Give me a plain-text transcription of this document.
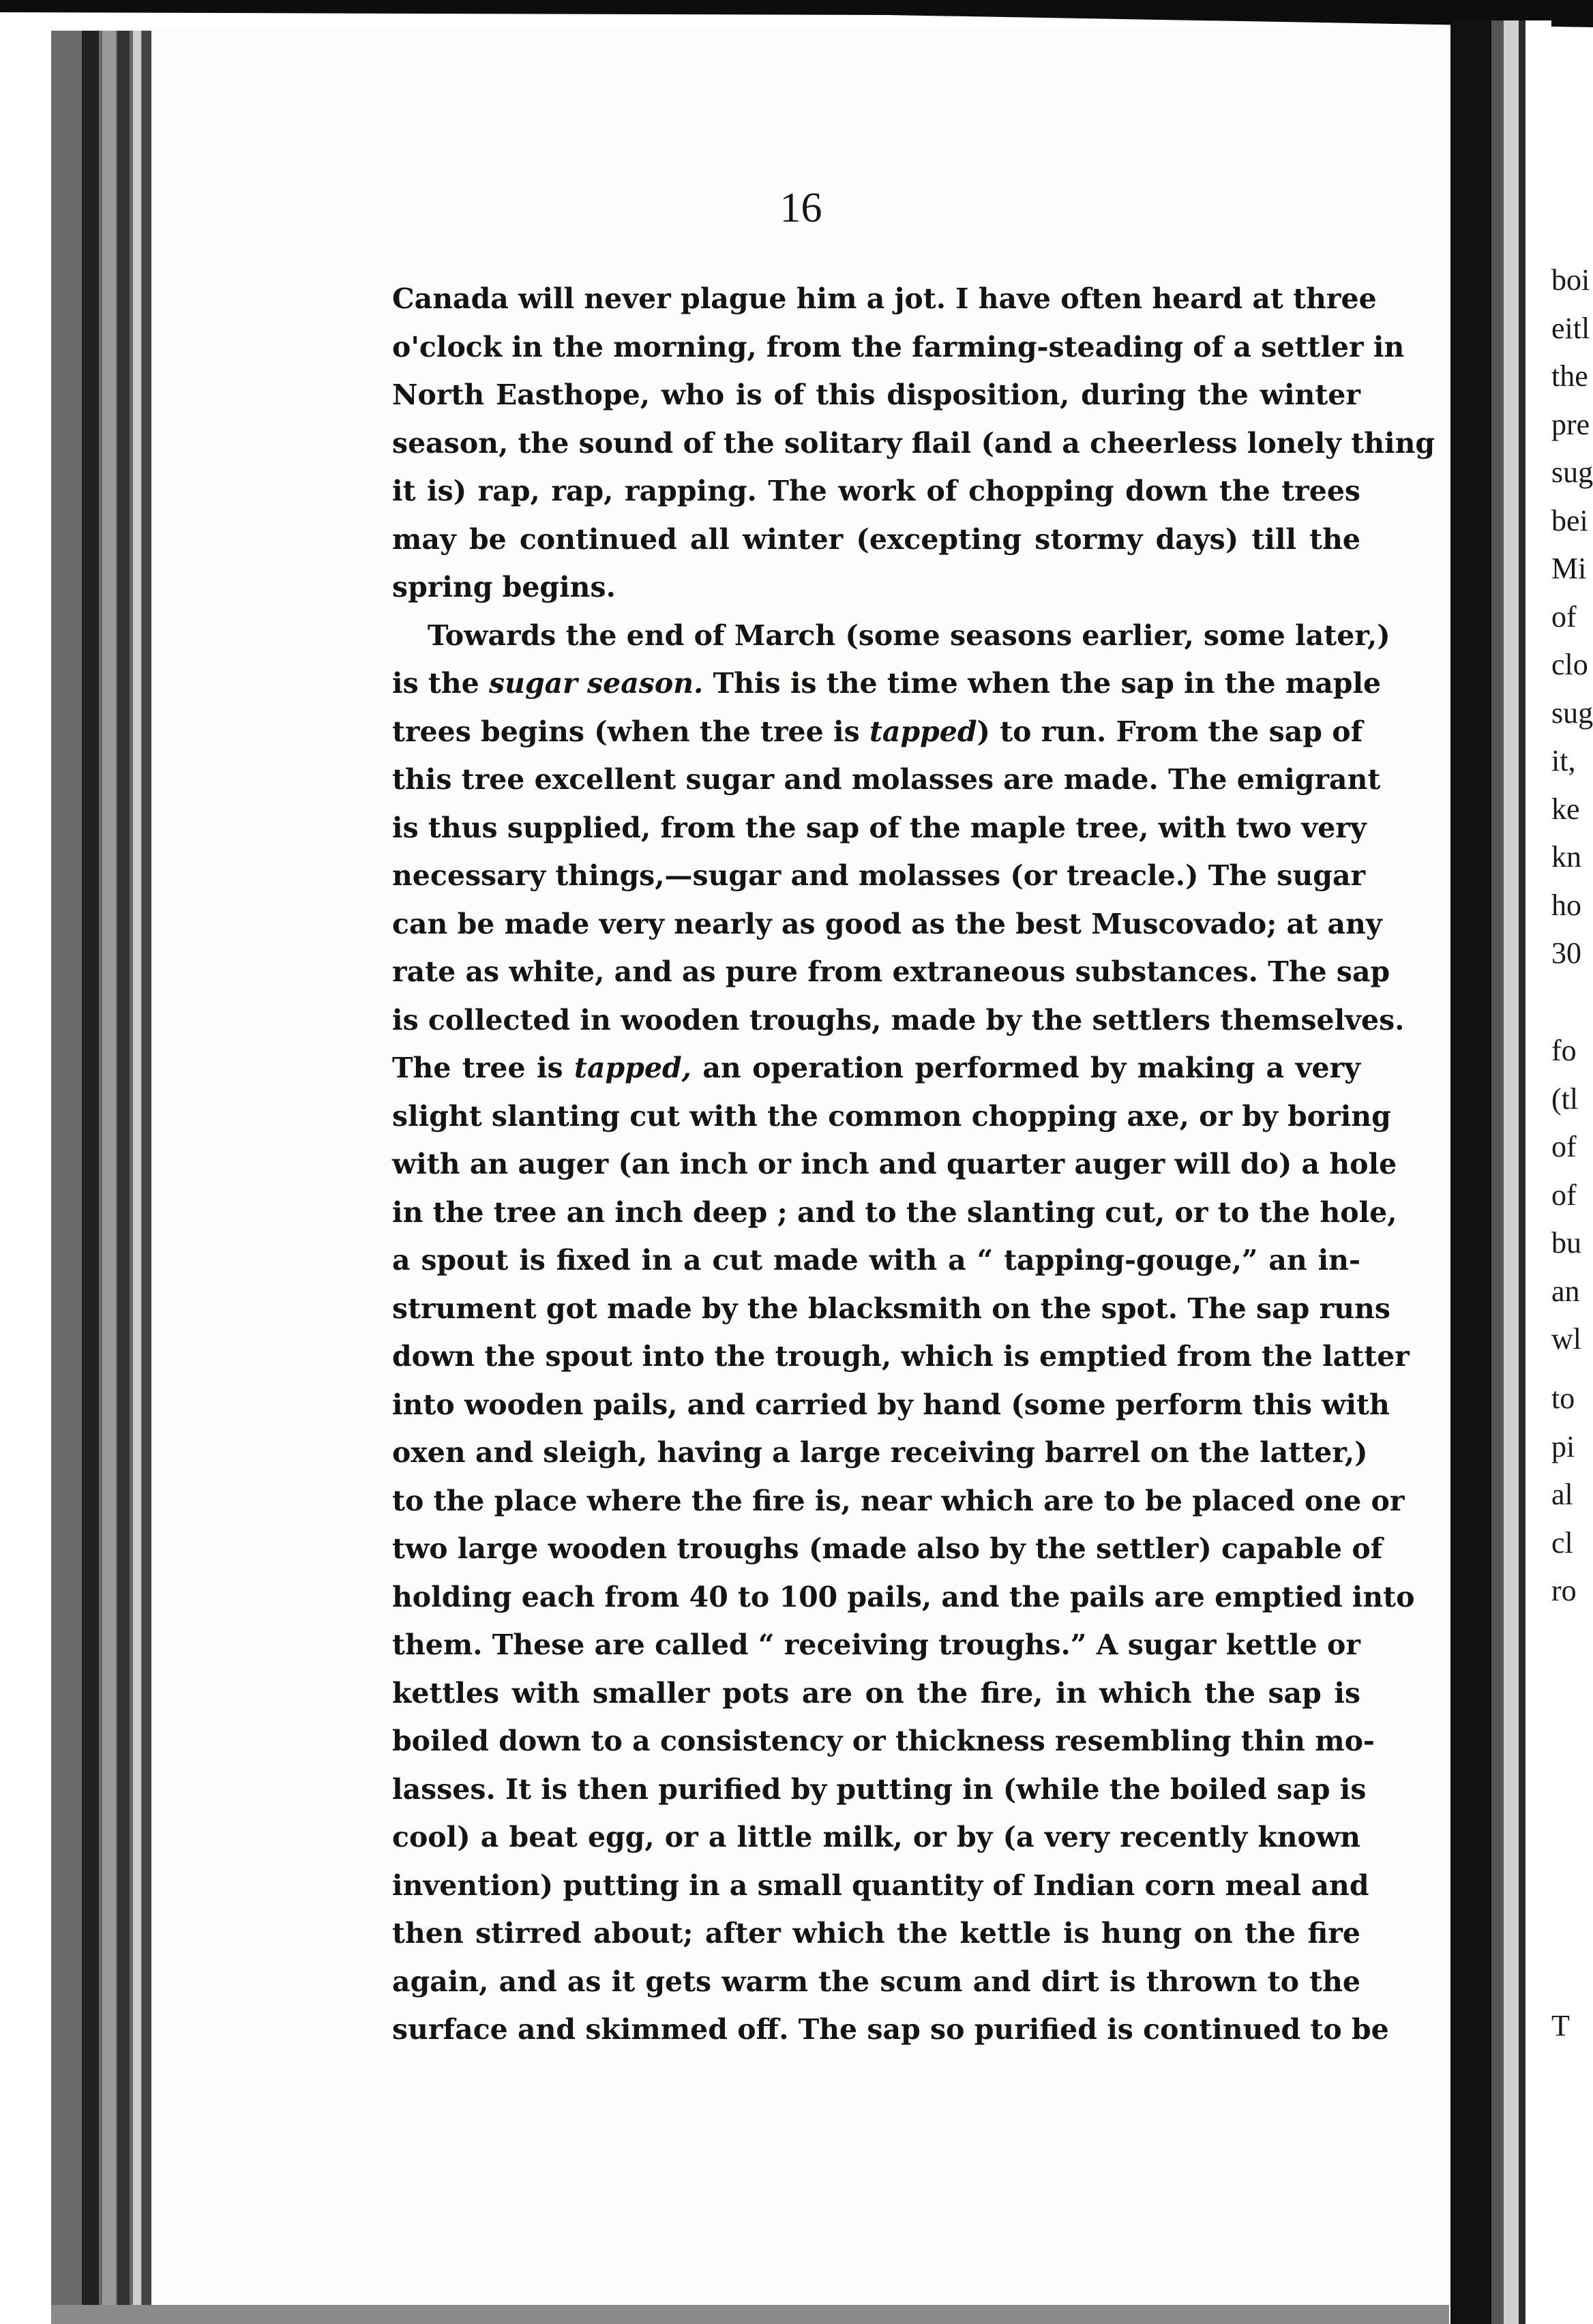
16
Canada will never plague him a jot. I have often heard at three
o'clock in the morning, from the farming-steading of a settler in
North Easthope, who is of this disposition, during the winter
season, the sound of the solitary flail (and a cheerless lonely thing
it is) rap, rap, rapping. The work of chopping down the trees
may be continued all winter (excepting stormy days) till the
spring begins.
Towards the end of March (some seasons earlier, some later,)
is the sugar season. This is the time when the sap in the maple
trees begins (when the tree is tapped) to run. From the sap of
this tree excellent sugar and molasses are made. The emigrant
is thus supplied, from the sap of the maple tree, with two very
necessary things,—sugar and molasses (or treacle.) The sugar
can be made very nearly as good as the best Muscovado; at any
rate as white, and as pure from extraneous substances. The sap
is collected in wooden troughs, made by the settlers themselves.
The tree is tapped, an operation performed by making a very
slight slanting cut with the common chopping axe, or by boring
with an auger (an inch or inch and quarter auger will do) a hole
in the tree an inch deep ; and to the slanting cut, or to the hole,
a spout is fixed in a cut made with a “ tapping-gouge,” an in-
strument got made by the blacksmith on the spot. The sap runs
down the spout into the trough, which is emptied from the latter
into wooden pails, and carried by hand (some perform this with
oxen and sleigh, having a large receiving barrel on the latter,)
to the place where the fire is, near which are to be placed one or
two large wooden troughs (made also by the settler) capable of
holding each from 40 to 100 pails, and the pails are emptied into
them. These are called “ receiving troughs.” A sugar kettle or
kettles with smaller pots are on the fire, in which the sap is
boiled down to a consistency or thickness resembling thin mo-
lasses. It is then purified by putting in (while the boiled sap is
cool) a beat egg, or a little milk, or by (a very recently known
invention) putting in a small quantity of Indian corn meal and
then stirred about; after which the kettle is hung on the fire
again, and as it gets warm the scum and dirt is thrown to the
surface and skimmed off. The sap so purified is continued to be
boi
eitl
the
pre
sug
bei
Mi
of
clo
sug
it,
ke
kn
ho
30
fo
(tl
of
of
bu
an
wl
to
pi
al
cl
ro
T
